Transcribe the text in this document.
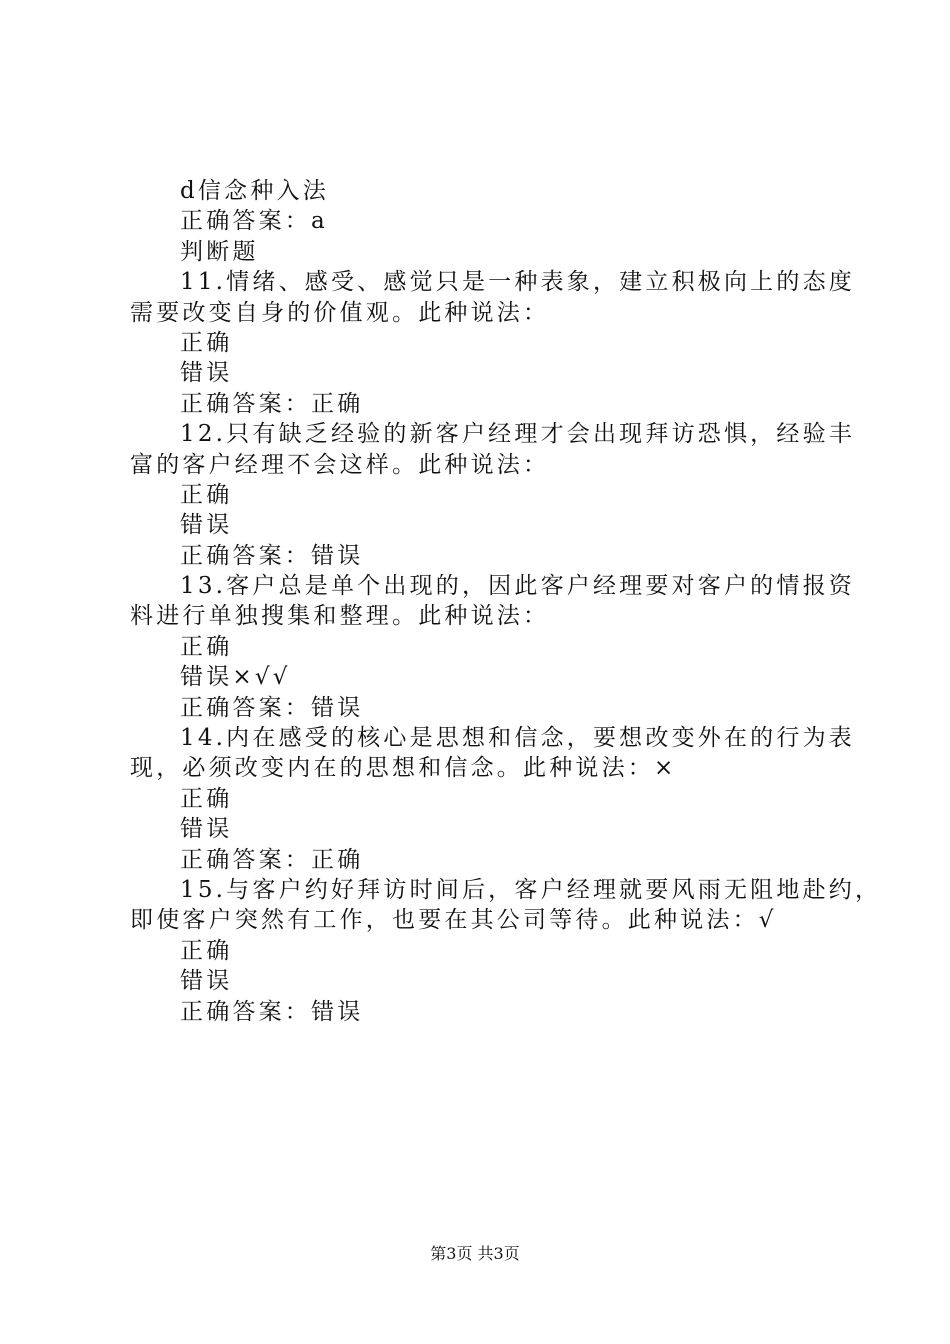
d信念种入法
正确答案：a
判断题
11.情绪、感受、感觉只是一种表象，建立积极向上的态度
需要改变自身的价值观。此种说法：
正确
错误
正确答案：正确
12.只有缺乏经验的新客户经理才会出现拜访恐惧，经验丰
富的客户经理不会这样。此种说法：
正确
错误
正确答案：错误
13.客户总是单个出现的，因此客户经理要对客户的情报资
料进行单独搜集和整理。此种说法：
正确
错误×√√
正确答案：错误
14.内在感受的核心是思想和信念，要想改变外在的行为表
现，必须改变内在的思想和信念。此种说法：×
正确
错误
正确答案：正确
15.与客户约好拜访时间后，客户经理就要风雨无阻地赴约，
即使客户突然有工作，也要在其公司等待。此种说法：√
正确
错误
正确答案：错误
第3页 共3页
